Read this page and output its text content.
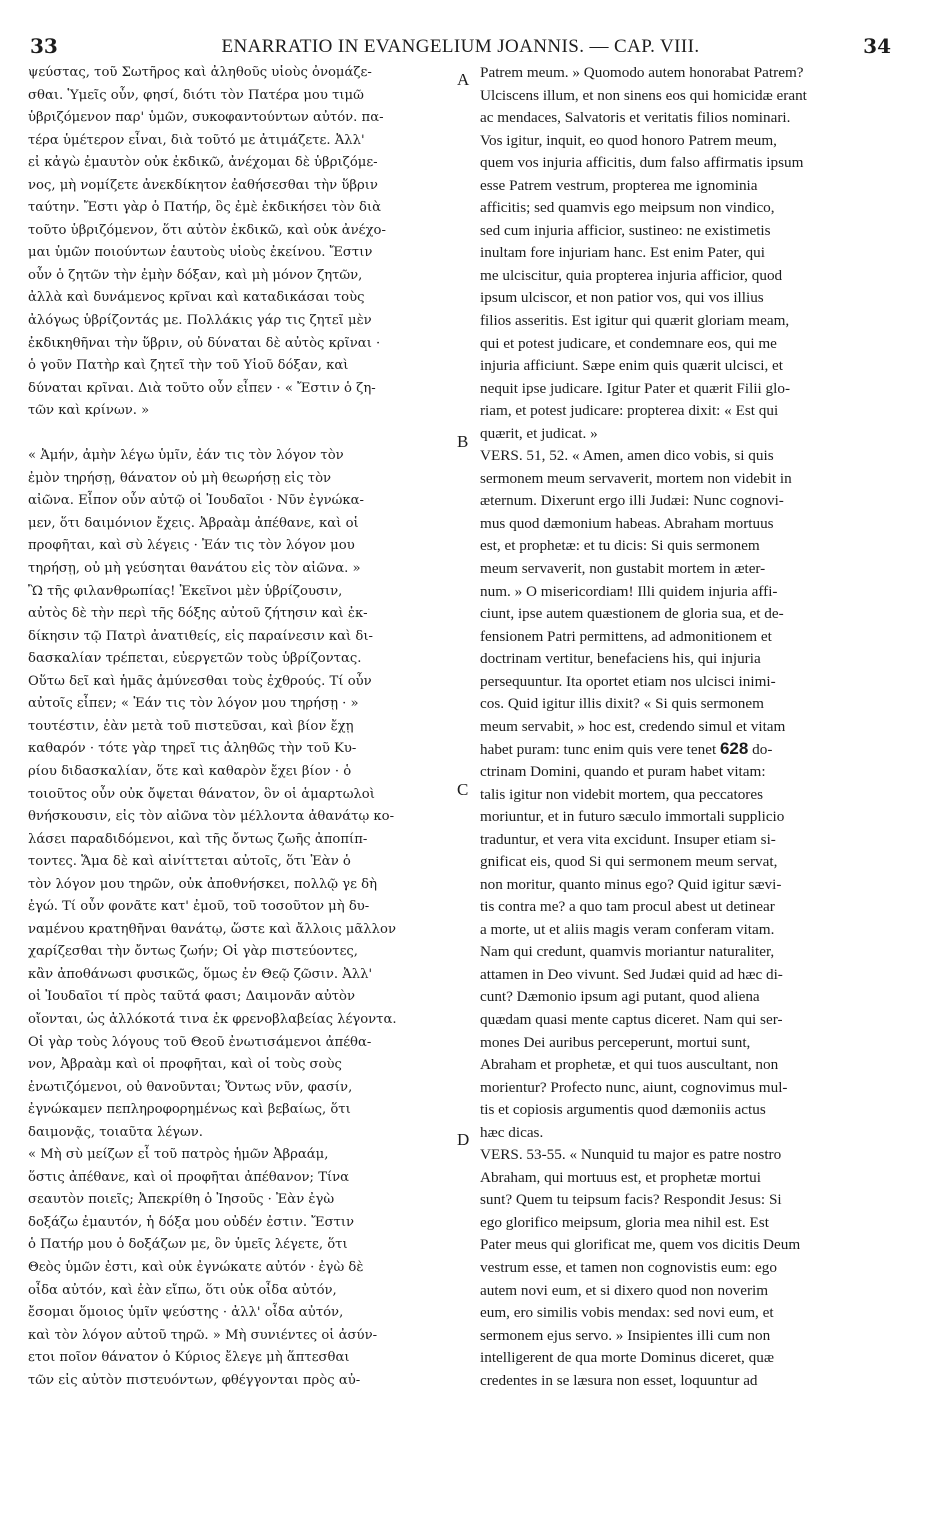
33	ENARRATIO IN EVANGELIUM JOANNIS. — CAP. VIII.	34
ψεύστας, τοῦ Σωτῆρος καὶ ἀληθοῦς υἱοὺς ὀνομάζε-
σθαι. Ὑμεῖς οὖν, φησί, διότι τὸν Πατέρα μου τιμῶ
ὑβριζόμενον παρ' ὑμῶν, συκοφαντούντων αὐτόν. πα-
τέρα ὑμέτερον εἶναι, διὰ τοῦτό με ἀτιμάζετε. Ἀλλ'
εἰ κἀγὼ ἐμαυτὸν οὐκ ἐκδικῶ, ἀνέχομαι δὲ ὑβριζόμε-
νος, μὴ νομίζετε ἀνεκδίκητον ἐαθήσεσθαι τὴν ὕβριν
ταύτην. Ἔστι γὰρ ὁ Πατήρ, ὃς ἐμὲ ἐκδικήσει τὸν διὰ
τοῦτο ὑβριζόμενον, ὅτι αὐτὸν ἐκδικῶ, καὶ οὐκ ἀνέχο-
μαι ὑμῶν ποιούντων ἑαυτοὺς υἱοὺς ἐκείνου. Ἔστιν
οὖν ὁ ζητῶν τὴν ἐμὴν δόξαν, καὶ μὴ μόνον ζητῶν,
ἀλλὰ καὶ δυνάμενος κρῖναι καὶ καταδικάσαι τοὺς
ἀλόγως ὑβρίζοντάς με. Πολλάκις γάρ τις ζητεῖ μὲν
ἐκδικηθῆναι τὴν ὕβριν, οὐ δύναται δὲ αὐτὸς κρῖναι ·
ὁ γοῦν Πατὴρ καὶ ζητεῖ τὴν τοῦ Υἱοῦ δόξαν, καὶ
δύναται κρῖναι. Διὰ τοῦτο οὖν εἶπεν · « Ἔστιν ὁ ζη-
τῶν καὶ κρίνων. »
« Ἀμήν, ἀμὴν λέγω ὑμῖν, ἐάν τις τὸν λόγον τὸν
ἐμὸν τηρήσῃ, θάνατον οὐ μὴ θεωρήσῃ εἰς τὸν
αἰῶνα. Εἶπον οὖν αὐτῷ οἱ Ἰουδαῖοι · Νῦν ἐγνώκα-
μεν, ὅτι δαιμόνιον ἔχεις. Ἀβραὰμ ἀπέθανε, καὶ οἱ
προφῆται, καὶ σὺ λέγεις · Ἐάν τις τὸν λόγον μου
τηρήσῃ, οὐ μὴ γεύσηται θανάτου εἰς τὸν αἰῶνα. »
Ὢ τῆς φιλανθρωπίας! Ἐκεῖνοι μὲν ὑβρίζουσιν,
αὐτὸς δὲ τὴν περὶ τῆς δόξης αὐτοῦ ζήτησιν καὶ ἐκ-
δίκησιν τῷ Πατρὶ ἀνατιθείς, εἰς παραίνεσιν καὶ δι-
δασκαλίαν τρέπεται, εὐεργετῶν τοὺς ὑβρίζοντας.
Οὕτω δεῖ καὶ ἡμᾶς ἀμύνεσθαι τοὺς ἐχθρούς. Τί οὖν
αὐτοῖς εἶπεν; « Ἐάν τις τὸν λόγον μου τηρήσῃ · »
τουτέστιν, ἐὰν μετὰ τοῦ πιστεῦσαι, καὶ βίον ἔχῃ
καθαρόν · τότε γὰρ τηρεῖ τις ἀληθῶς τὴν τοῦ Κυ-
ρίου διδασκαλίαν, ὅτε καὶ καθαρὸν ἔχει βίον · ὁ
τοιοῦτος οὖν οὐκ ὄψεται θάνατον, ὃν οἱ ἁμαρτωλοὶ
θνήσκουσιν, εἰς τὸν αἰῶνα τὸν μέλλοντα ἀθανάτῳ κο-
λάσει παραδιδόμενοι, καὶ τῆς ὄντως ζωῆς ἀποπίπ-
τοντες. Ἅμα δὲ καὶ αἰνίττεται αὐτοῖς, ὅτι Ἐὰν ὁ
τὸν λόγον μου τηρῶν, οὐκ ἀποθνήσκει, πολλῷ γε δὴ
ἐγώ. Τί οὖν φονᾶτε κατ' ἐμοῦ, τοῦ τοσοῦτον μὴ δυ-
ναμένου κρατηθῆναι θανάτῳ, ὥστε καὶ ἄλλοις μᾶλλον
χαρίζεσθαι τὴν ὄντως ζωήν; Οἱ γὰρ πιστεύοντες,
κἂν ἀποθάνωσι φυσικῶς, ὅμως ἐν Θεῷ ζῶσιν. Ἀλλ'
οἱ Ἰουδαῖοι τί πρὸς ταῦτά φασι; Δαιμονᾶν αὐτὸν
οἴονται, ὡς ἀλλόκοτά τινα ἐκ φρενοβλαβείας λέγοντα.
Οἱ γὰρ τοὺς λόγους τοῦ Θεοῦ ἐνωτισάμενοι ἀπέθα-
νον, Ἀβραὰμ καὶ οἱ προφῆται, καὶ οἱ τοὺς σοὺς
ἐνωτιζόμενοι, οὐ θανοῦνται; Ὄντως νῦν, φασίν,
ἐγνώκαμεν πεπληροφορημένως καὶ βεβαίως, ὅτι
δαιμονᾷς, τοιαῦτα λέγων.
« Μὴ σὺ μείζων εἶ τοῦ πατρὸς ἡμῶν Ἀβραάμ,
ὅστις ἀπέθανε, καὶ οἱ προφῆται ἀπέθανον; Τίνα
σεαυτὸν ποιεῖς; Ἀπεκρίθη ὁ Ἰησοῦς · Ἐὰν ἐγὼ
δοξάζω ἐμαυτόν, ἡ δόξα μου οὐδέν ἐστιν. Ἔστιν
ὁ Πατήρ μου ὁ δοξάζων με, ὃν ὑμεῖς λέγετε, ὅτι
Θεὸς ὑμῶν ἐστι, καὶ οὐκ ἐγνώκατε αὐτόν · ἐγὼ δὲ
οἶδα αὐτόν, καὶ ἐὰν εἴπω, ὅτι οὐκ οἶδα αὐτόν,
ἔσομαι ὅμοιος ὑμῖν ψεύστης · ἀλλ' οἶδα αὐτόν,
καὶ τὸν λόγον αὐτοῦ τηρῶ. » Μὴ συνιέντες οἱ ἀσύν-
ετοι ποῖον θάνατον ὁ Κύριος ἔλεγε μὴ ἅπτεσθαι
τῶν εἰς αὐτὸν πιστευόντων, φθέγγονται πρὸς αὐ-
Patrem meum. » Quomodo autem honorabat Patrem?
Ulciscens illum, et non sinens eos qui homicidæ erant
ac mendaces, Salvatoris et veritatis filios nominari.
Vos igitur, inquit, eo quod honoro Patrem meum,
quem vos injuria afficitis, dum falso affirmatis ipsum
esse Patrem vestrum, propterea me ignominia
afficitis; sed quamvis ego meipsum non vindico,
sed cum injuria afficior, sustineo: ne existimetis
inultam fore injuriam hanc. Est enim Pater, qui
me ulciscitur, quia propterea injuria afficior, quod
ipsum ulciscor, et non patior vos, qui vos illius
filios asseritis. Est igitur qui quærit gloriam meam,
qui et potest judicare, et condemnare eos, qui me
injuria afficiunt. Sæpe enim quis quærit ulcisci, et
nequit ipse judicare. Igitur Pater et quærit Filii glo-
riam, et potest judicare: propterea dixit: « Est qui
quærit, et judicat. »
VERS. 51, 52. « Amen, amen dico vobis, si quis
sermonem meum servaverit, mortem non videbit in
æternum. Dixerunt ergo illi Judæi: Nunc cognovi-
mus quod dæmonium habeas. Abraham mortuus
est, et prophetæ: et tu dicis: Si quis sermonem
meum servaverit, non gustabit mortem in æter-
num. » O misericordiam! Illi quidem injuria affi-
ciunt, ipse autem quæstionem de gloria sua, et de-
fensionem Patri permittens, ad admonitionem et
doctrinam vertitur, benefaciens his, qui injuria
persequuntur. Ita oportet etiam nos ulcisci inimi-
cos. Quid igitur illis dixit? « Si quis sermonem
meum servabit, » hoc est, credendo simul et vitam
habet puram: tunc enim quis vere tenet 628 do-
ctrinam Domini, quando et puram habet vitam:
talis igitur non videbit mortem, qua peccatores
moriuntur, et in futuro sæculo immortali supplicio
traduntur, et vera vita excidunt. Insuper etiam si-
gnificat eis, quod Si qui sermonem meum servat,
non moritur, quanto minus ego? Quid igitur sævi-
tis contra me? a quo tam procul abest ut detinear
a morte, ut et aliis magis veram conferam vitam.
Nam qui credunt, quamvis moriantur naturaliter,
attamen in Deo vivunt. Sed Judæi quid ad hæc di-
cunt? Dæmonio ipsum agi putant, quod aliena
quædam quasi mente captus diceret. Nam qui ser-
mones Dei auribus perceperunt, mortui sunt,
Abraham et prophetæ, et qui tuos auscultant, non
morientur? Profecto nunc, aiunt, cognovimus mul-
tis et copiosis argumentis quod dæmoniis actus
hæc dicas.
VERS. 53-55. « Nunquid tu major es patre nostro
Abraham, qui mortuus est, et prophetæ mortui
sunt? Quem tu teipsum facis? Respondit Jesus: Si
ego glorifico meipsum, gloria mea nihil est. Est
Pater meus qui glorificat me, quem vos dicitis Deum
vestrum esse, et tamen non cognovistis eum: ego
autem novi eum, et si dixero quod non noverim
eum, ero similis vobis mendax: sed novi eum, et
sermonem ejus servo. » Insipientes illi cum non
intelligerent de qua morte Dominus diceret, quæ
credentes in se læsura non esset, loquuntur ad
A
B
C
D
